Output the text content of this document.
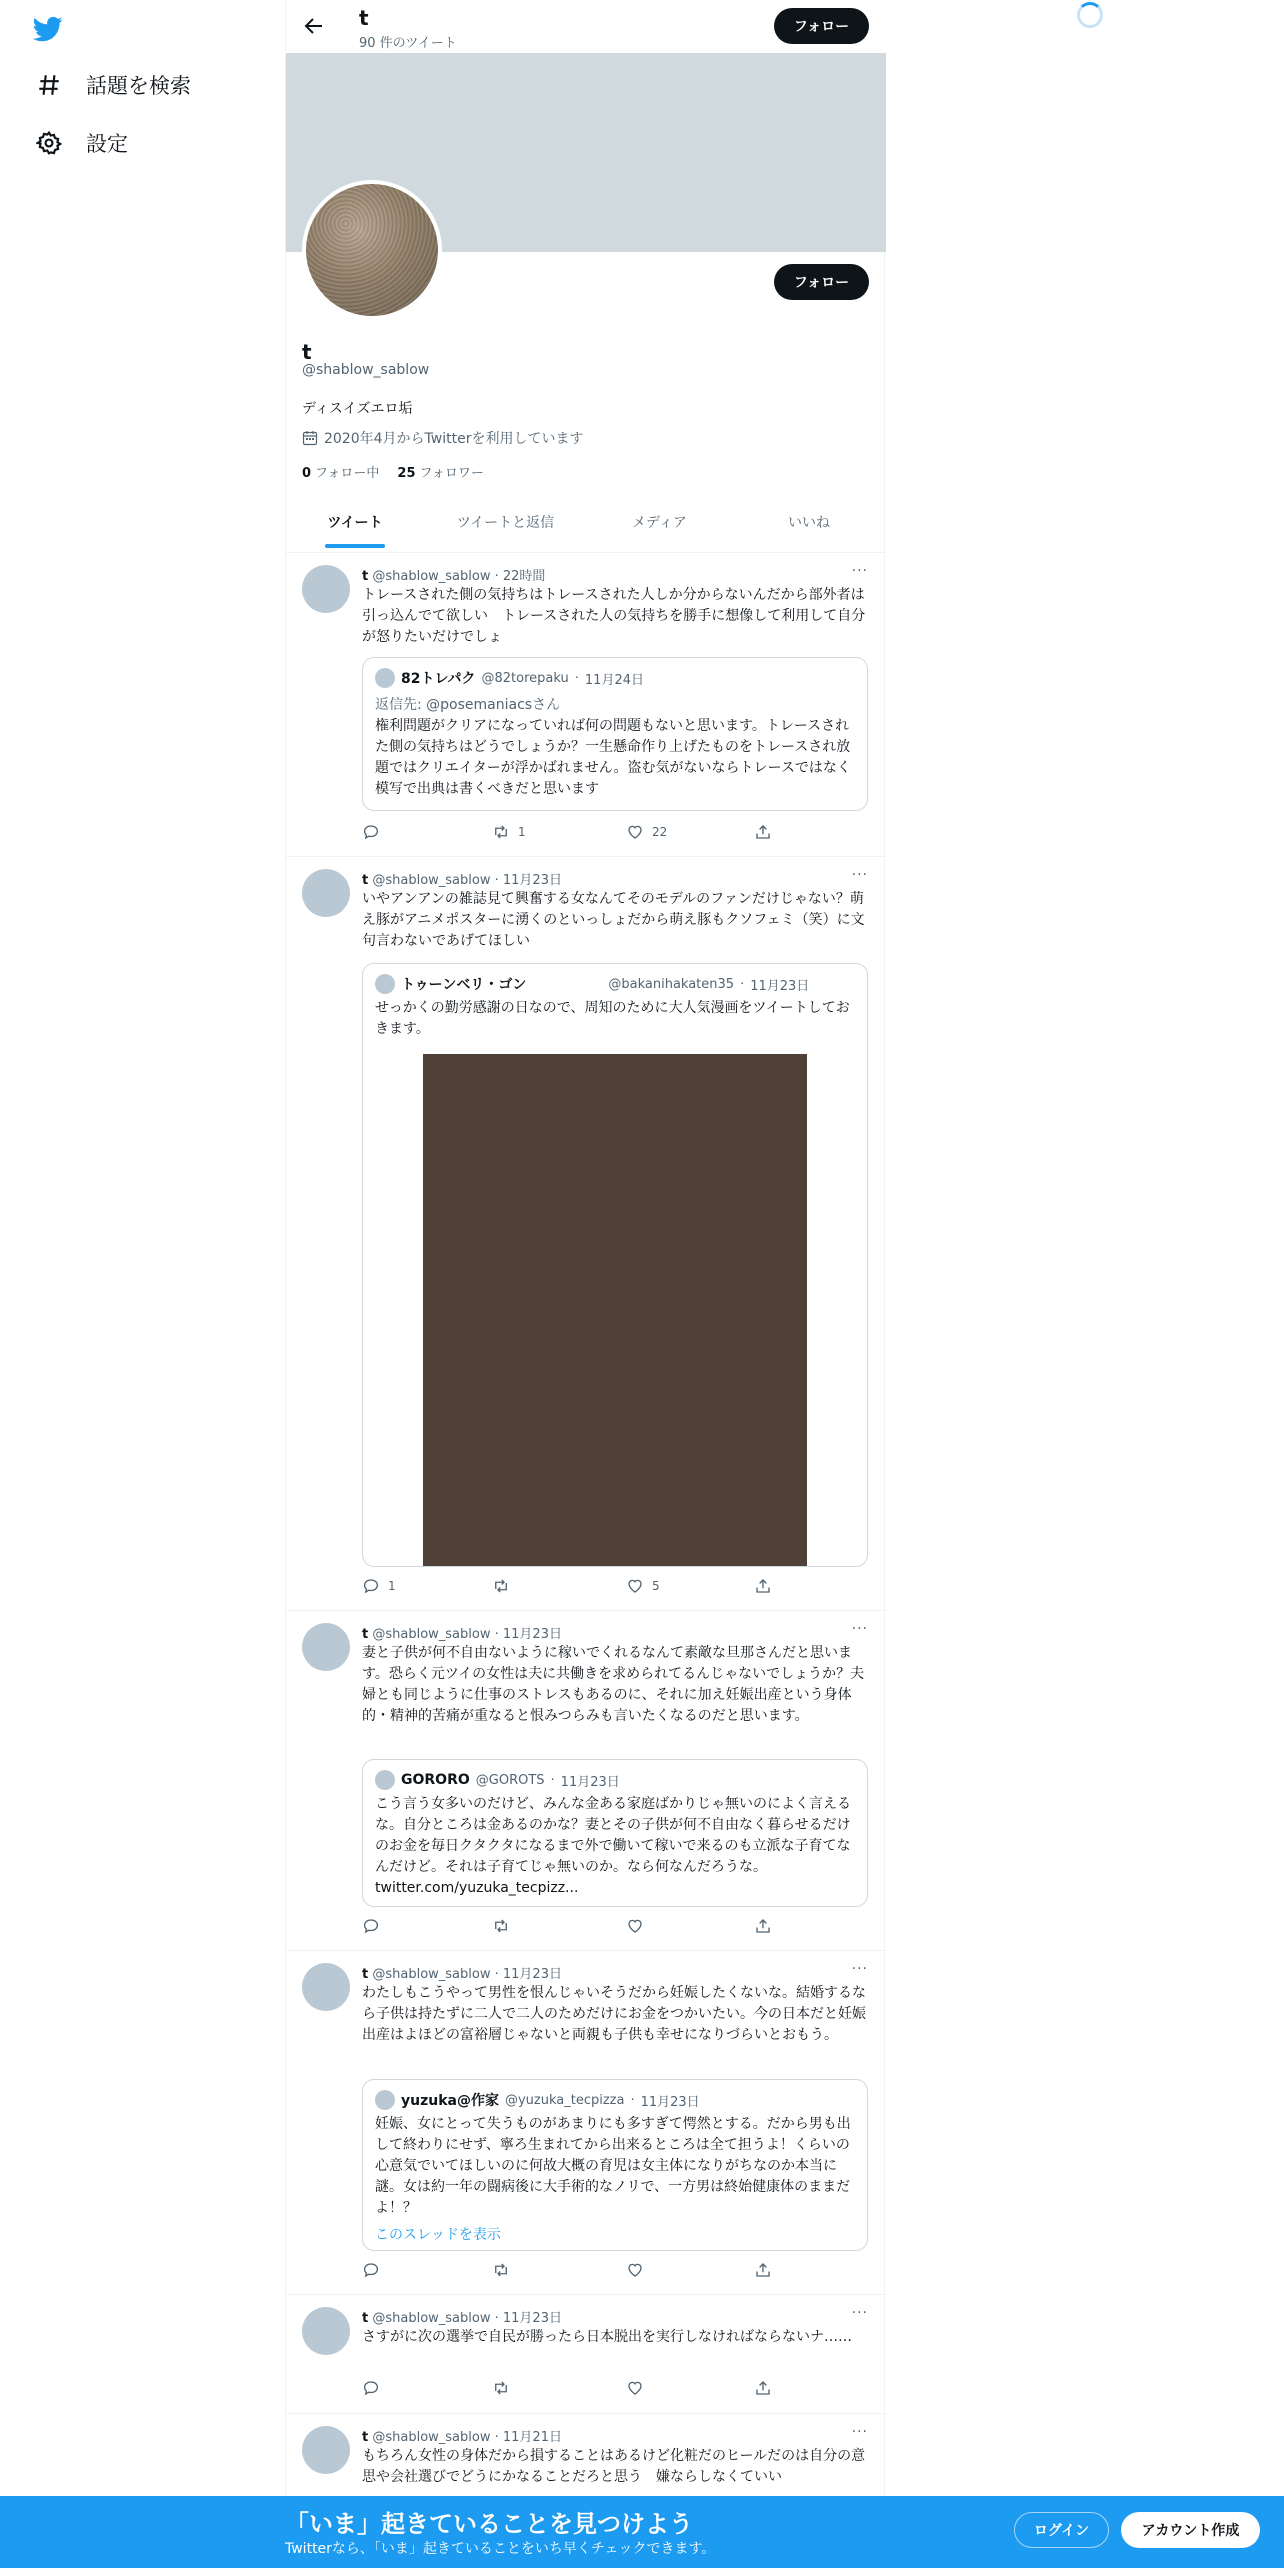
話題を検索
設定
t
90 件のツイート
フォロー
フォロー
t
@shablow_sablow
ディスイズエロ垢
2020年4月からTwitterを利用しています
0 フォロー中 25 フォロワー
ツイート	ツイートと返信	メディア	いいね
t @shablow_sablow · 22時間	···
トレースされた側の気持ちはトレースされた人しか分からないんだから部外者は引っ込んでて欲しい　トレースされた人の気持ちを勝手に想像して利用して自分が怒りたいだけでしょ
82トレパク @82torepaku · 11月24日
返信先: @posemaniacsさん
権利問題がクリアになっていれば何の問題もないと思います。トレースされた側の気持ちはどうでしょうか？一生懸命作り上げたものをトレースされ放題ではクリエイターが浮かばれません。盗む気がないならトレースではなく模写で出典は書くべきだと思います
1	22
t @shablow_sablow · 11月23日	···
いやアンアンの雑誌見て興奮する女なんてそのモデルのファンだけじゃない？萌え豚がアニメポスターに湧くのといっしょだから萌え豚もクソフェミ（笑）に文句言わないであげてほしい
トゥーンベリ・ゴン	@bakanihakaten35 · 11月23日
せっかくの勤労感謝の日なので、周知のために大人気漫画をツイートしておきます。
1	5
t @shablow_sablow · 11月23日	···
妻と子供が何不自由ないように稼いでくれるなんて素敵な旦那さんだと思います。恐らく元ツイの女性は夫に共働きを求められてるんじゃないでしょうか？夫婦とも同じように仕事のストレスもあるのに、それに加え妊娠出産という身体的・精神的苦痛が重なると恨みつらみも言いたくなるのだと思います。
GORORO @GOROTS · 11月23日
こう言う女多いのだけど、みんな金ある家庭ばかりじゃ無いのによく言えるな。自分ところは金あるのかな？妻とその子供が何不自由なく暮らせるだけのお金を毎日クタクタになるまで外で働いて稼いで来るのも立派な子育てなんだけど。それは子育てじゃ無いのか。なら何なんだろうな。 twitter.com/yuzuka_tecpizz...
t @shablow_sablow · 11月23日	···
わたしもこうやって男性を恨んじゃいそうだから妊娠したくないな。結婚するなら子供は持たずに二人で二人のためだけにお金をつかいたい。今の日本だと妊娠出産はよほどの富裕層じゃないと両親も子供も幸せになりづらいとおもう。
yuzuka@作家 @yuzuka_tecpizza · 11月23日
妊娠、女にとって失うものがあまりにも多すぎて愕然とする。だから男も出して終わりにせず、寧ろ生まれてから出来るところは全て担うよ！くらいの心意気でいてほしいのに何故大概の育児は女主体になりがちなのか本当に謎。女は約一年の闘病後に大手術的なノリで、一方男は終始健康体のままだよ！？
このスレッドを表示
t @shablow_sablow · 11月23日	···
さすがに次の選挙で自民が勝ったら日本脱出を実行しなければならないナ……
t @shablow_sablow · 11月21日	···
もちろん女性の身体だから損することはあるけど化粧だのヒールだのは自分の意思や会社選びでどうにかなることだろと思う　嫌ならしなくていい
「いま」起きていることを見つけよう
Twitterなら、「いま」起きていることをいち早くチェックできます。
ログイン	アカウント作成
